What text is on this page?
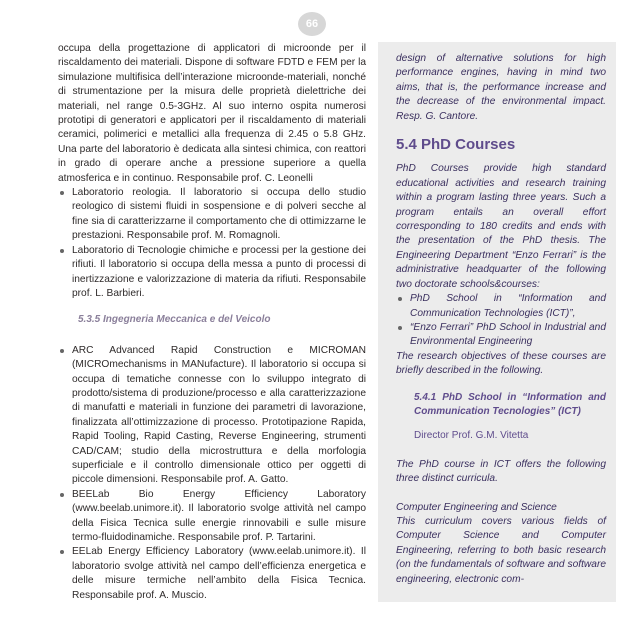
66

occupa della progettazione di applicatori di microonde per il riscaldamento dei materiali. Dispone di software FDTD e FEM per la simulazione multifisica dell’interazione microonde-materiali, nonché di strumentazione per la misura delle proprietà dielettriche dei materiali, nel range 0.5-3GHz. Al suo interno ospita numerosi prototipi di generatori e applicatori per il riscaldamento di materiali ceramici, polimerici e metallici alla frequenza di 2.45 o 5.8 GHz. Una parte del laboratorio è dedicata alla sintesi chimica, con reattori in grado di operare anche a pressione superiore a quella atmosferica e in continuo. Responsabile prof. C. Leonelli

Laboratorio reologia. Il laboratorio si occupa dello studio reologico di sistemi fluidi in sospensione e di polveri secche al fine sia di caratterizzarne il comportamento che di ottimizzarne le prestazioni. Responsabile prof. M. Romagnoli.
Laboratorio di Tecnologie chimiche e processi per la gestione dei rifiuti. Il laboratorio si occupa della messa a punto di processi di inertizzazione e valorizzazione di materia da rifiuti. Responsabile prof. L. Barbieri.
5.3.5 Ingegneria Meccanica e del Veicolo
ARC Advanced Rapid Construction e MICROMAN (MICROmechanisms in MANufacture). Il laboratorio si occupa si occupa di tematiche connesse con lo sviluppo integrato di prodotto/sistema di produzione/processo e alla caratterizzazione di manufatti e materiali in funzione dei parametri di lavorazione, finalizzata all’ottimizzazione di processo. Prototipazione Rapida, Rapid Tooling, Rapid Casting, Reverse Engineering, strumenti CAD/CAM; studio della microstruttura e della morfologia superficiale e il controllo dimensionale ottico per oggetti di piccole dimensioni. Responsabile prof. A. Gatto.
BEELab Bio Energy Efficiency Laboratory (www.beelab.unimore.it). Il laboratorio svolge attività nel campo della Fisica Tecnica sulle energie rinnovabili e sulle misure termo-fluidodinamiche. Responsabile prof. P. Tartarini.
EELab Energy Efficiency Laboratory (www.eelab.unimore.it). Il laboratorio svolge attività nel campo dell’efficienza energetica e delle misure termiche nell’ambito della Fisica Tecnica. Responsabile prof. A. Muscio.

design of alternative solutions for high performance engines, having in mind two aims, that is, the performance increase and the decrease of the environmental impact. Resp. G. Cantore.

5.4 PhD Courses

PhD Courses provide high standard educational activities and research training within a program lasting three years. Such a program entails an overall effort corresponding to 180 credits and ends with the presentation of the PhD thesis. The Engineering Department “Enzo Ferrari” is the administrative headquarter of the following two doctorate schools&courses:

PhD School in “Information and Communication Technologies (ICT)”,
“Enzo Ferrari” PhD School in Industrial and Environmental Engineering

The research objectives of these courses are briefly described in the following.

5.4.1 PhD School in “Information and Communication Tecnologies” (ICT)
Director Prof. G.M. Vitetta

The PhD course in ICT offers the following three distinct curricula.

Computer Engineering and Science

This curriculum covers various fields of Computer Science and Computer Engineering, referring to both basic research (on the fundamentals of software and software engineering, electronic com-
